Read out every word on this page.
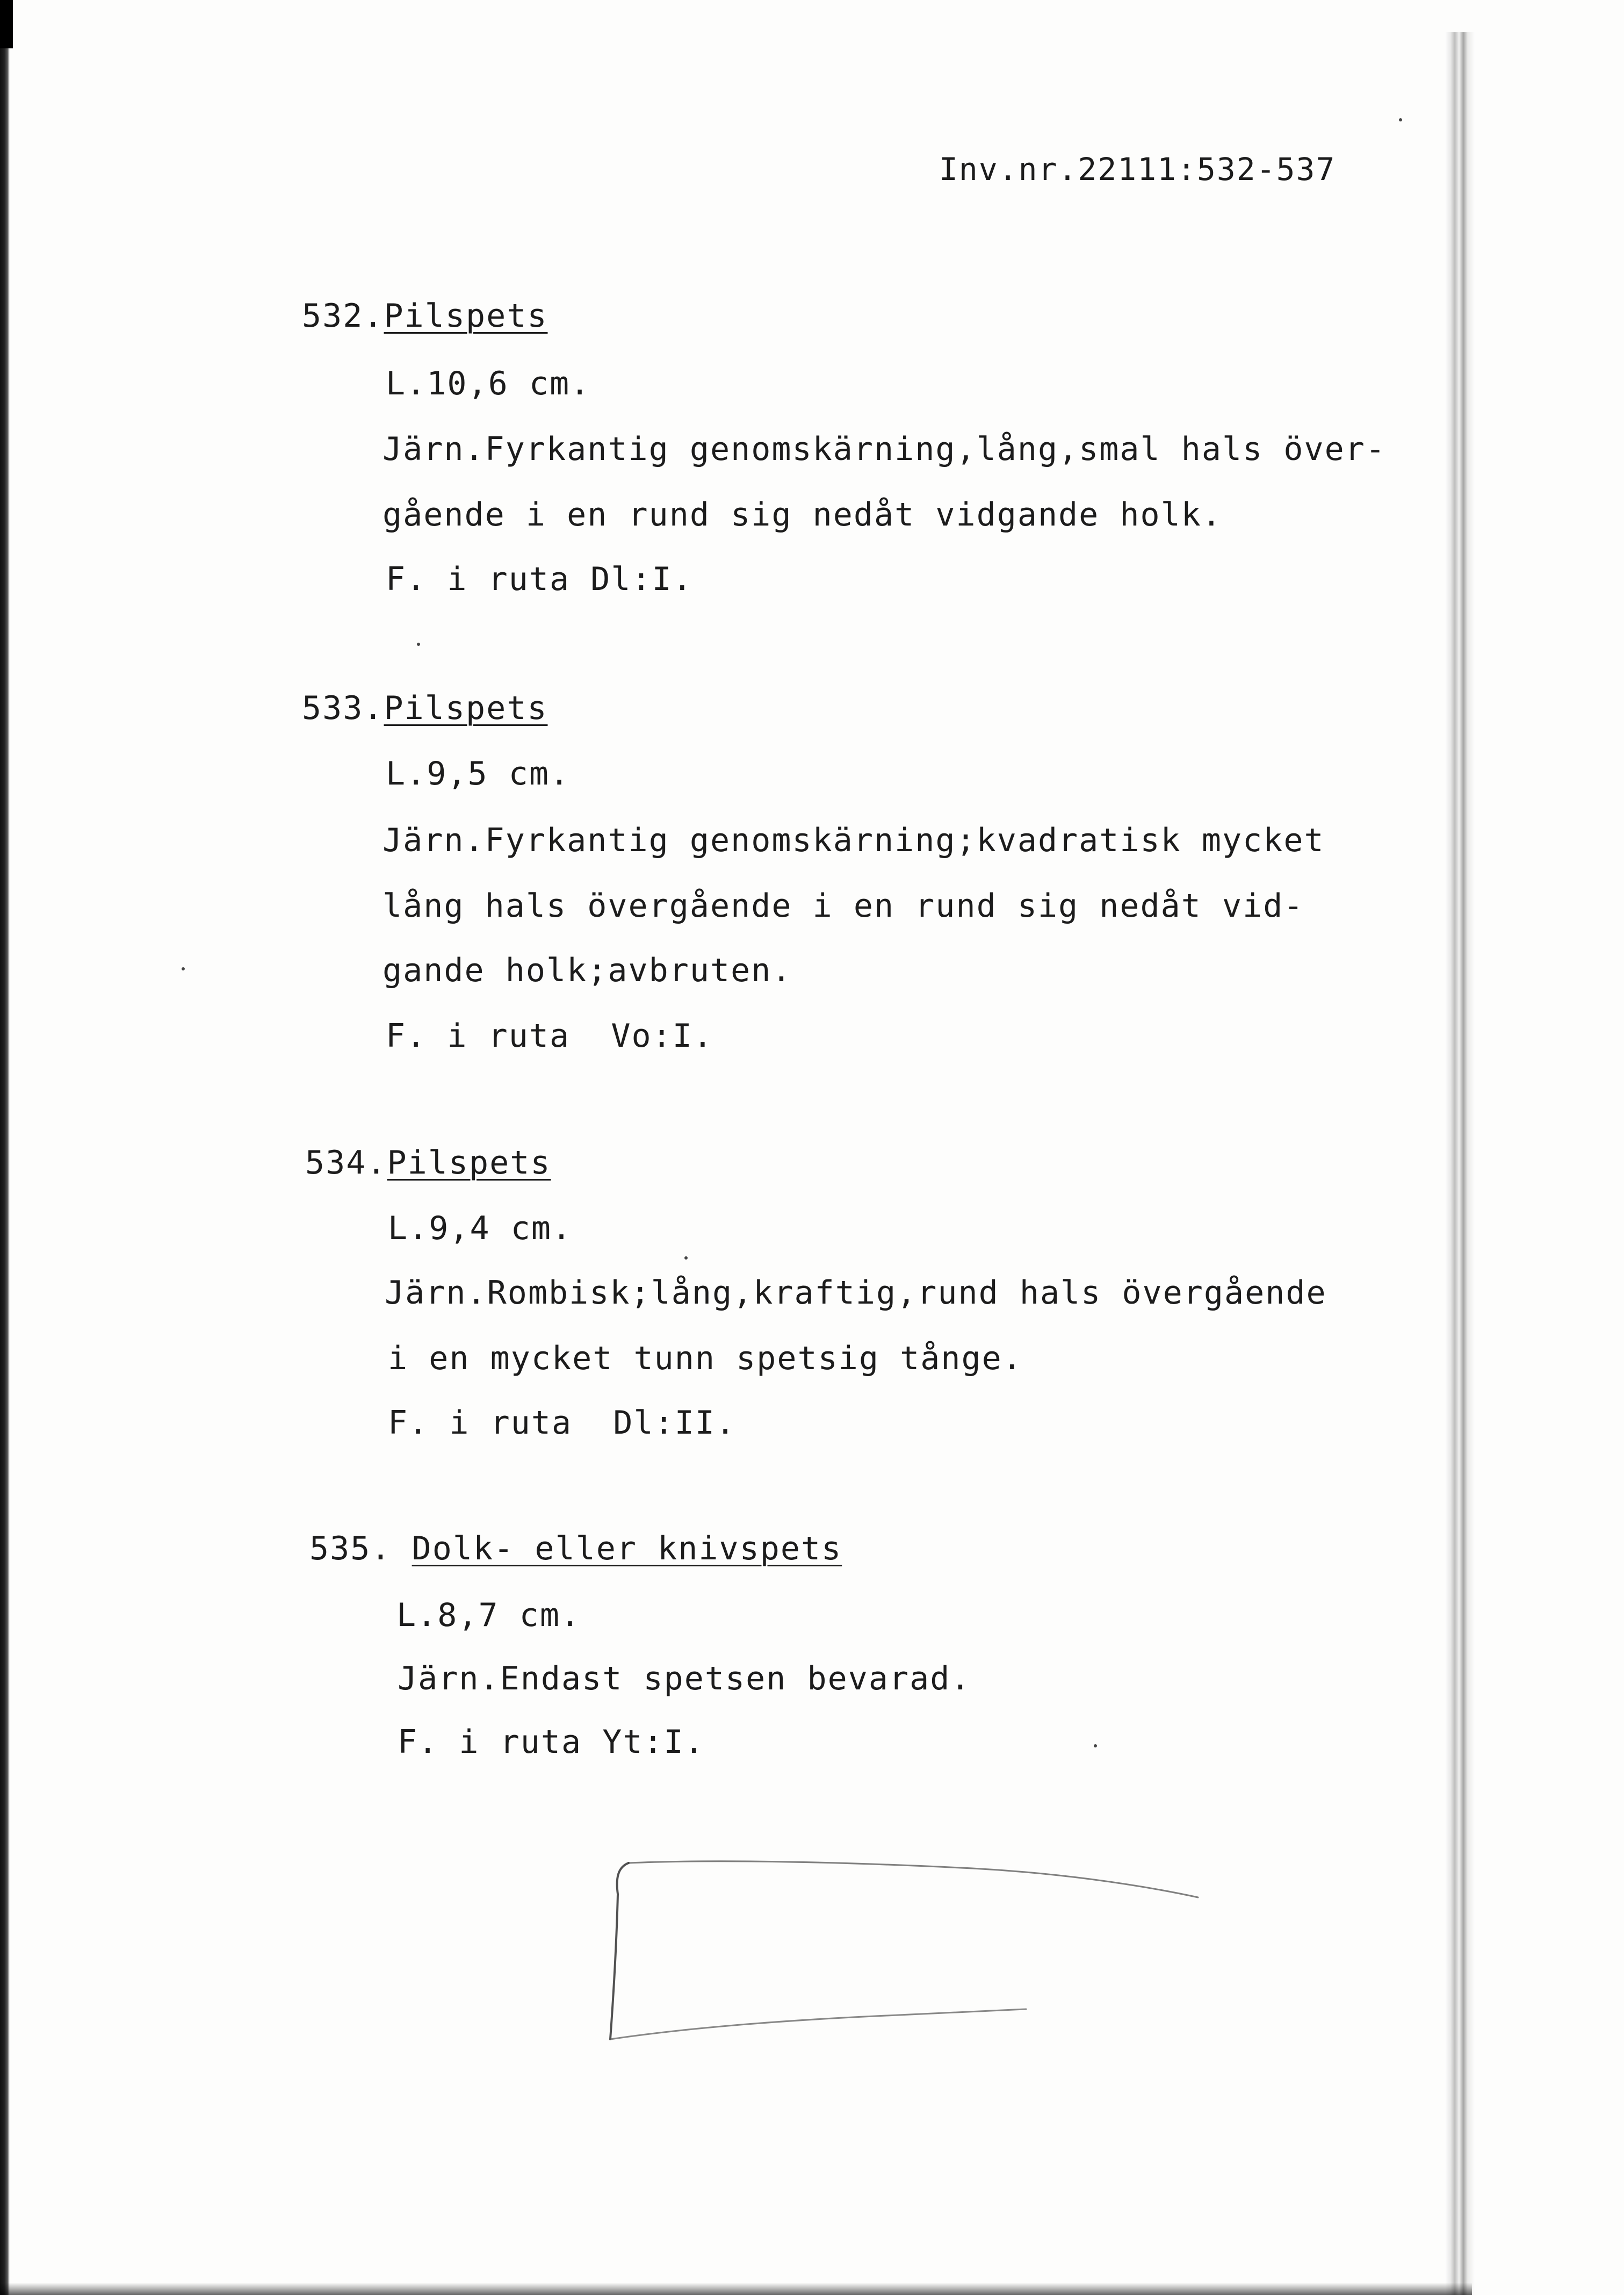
Inv.nr.22111:532-537
532.Pilspets
L.10,6 cm.
Järn.Fyrkantig genomskärning,lång,smal hals över-
gående i en rund sig nedåt vidgande holk.
F. i ruta Dl:I.
533.Pilspets
L.9,5 cm.
Järn.Fyrkantig genomskärning;kvadratisk mycket
lång hals övergående i en rund sig nedåt vid-
gande holk;avbruten.
F. i ruta  Vo:I.
534.Pilspets
L.9,4 cm.
Järn.Rombisk;lång,kraftig,rund hals övergående
i en mycket tunn spetsig tånge.
F. i ruta  Dl:II.
535. Dolk- eller knivspets
L.8,7 cm.
Järn.Endast spetsen bevarad.
F. i ruta Yt:I.
